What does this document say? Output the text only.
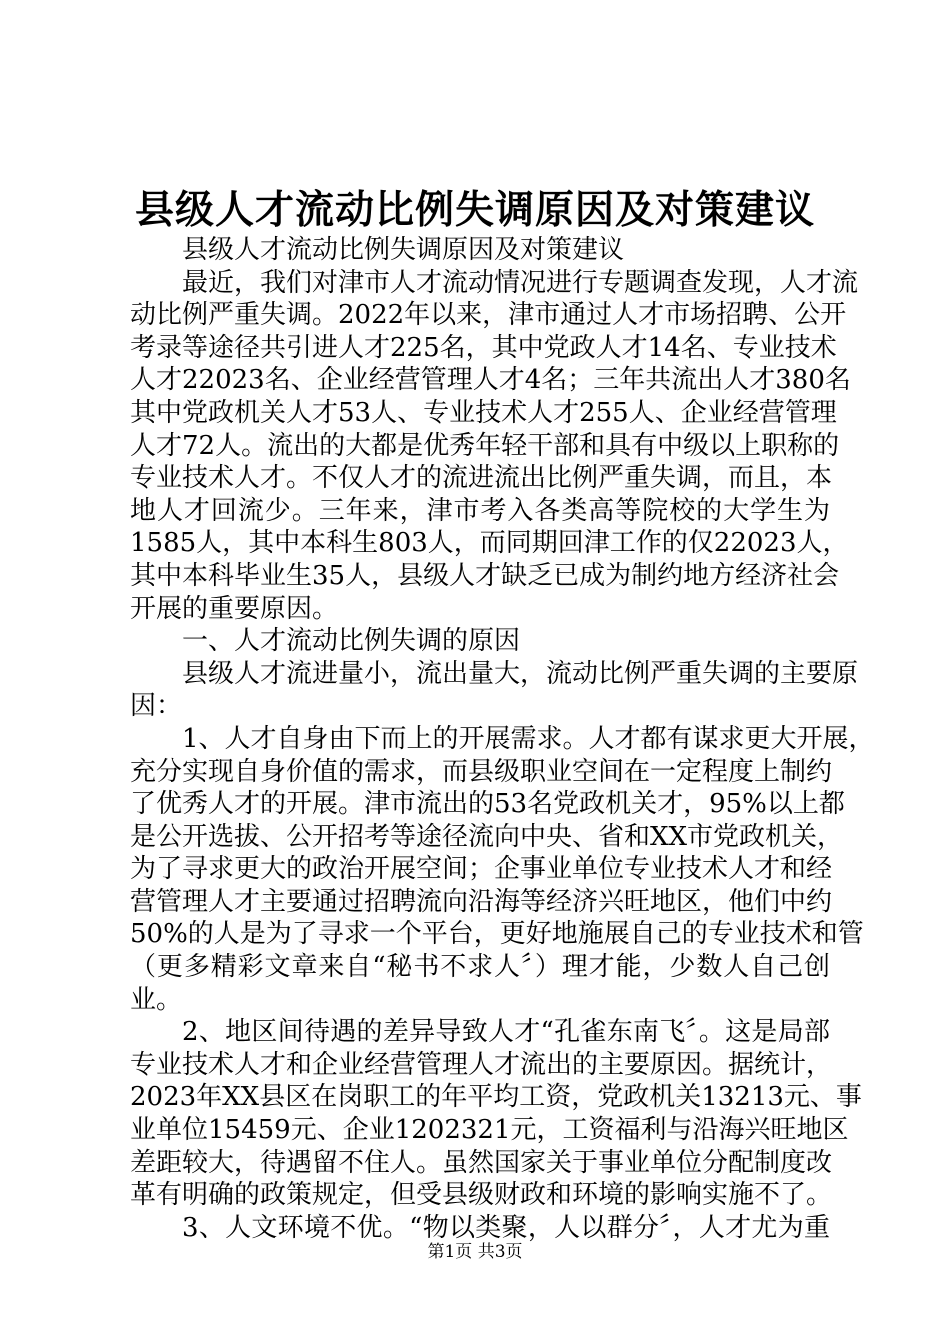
县级人才流动比例失调原因及对策建议
县级人才流动比例失调原因及对策建议
最近，我们对津市人才流动情况进行专题调查发现，人才流
动比例严重失调。2022年以来，津市通过人才市场招聘、公开
考录等途径共引进人才225名，其中党政人才14名、专业技术
人才22023名、企业经营管理人才4名；三年共流出人才380名
其中党政机关人才53人、专业技术人才255人、企业经营管理
人才72人。流出的大都是优秀年轻干部和具有中级以上职称的
专业技术人才。不仅人才的流进流出比例严重失调，而且，本
地人才回流少。三年来，津市考入各类高等院校的大学生为
1585人，其中本科生803人，而同期回津工作的仅22023人，
其中本科毕业生35人，县级人才缺乏已成为制约地方经济社会
开展的重要原因。
一、人才流动比例失调的原因
县级人才流进量小，流出量大，流动比例严重失调的主要原
因：
1、人才自身由下而上的开展需求。人才都有谋求更大开展，
充分实现自身价值的需求，而县级职业空间在一定程度上制约
了优秀人才的开展。津市流出的53名党政机关才，95%以上都
是公开选拔、公开招考等途径流向中央、省和XX市党政机关，
为了寻求更大的政治开展空间；企事业单位专业技术人才和经
营管理人才主要通过招聘流向沿海等经济兴旺地区，他们中约
50%的人是为了寻求一个平台，更好地施展自己的专业技术和管
（更多精彩文章来自“秘书不求人〞）理才能，少数人自己创
业。
2、地区间待遇的差异导致人才“孔雀东南飞〞。这是局部
专业技术人才和企业经营管理人才流出的主要原因。据统计，
2023年XX县区在岗职工的年平均工资，党政机关13213元、事
业单位15459元、企业1202321元，工资福利与沿海兴旺地区
差距较大，待遇留不住人。虽然国家关于事业单位分配制度改
革有明确的政策规定，但受县级财政和环境的影响实施不了。
3、人文环境不优。“物以类聚，人以群分〞，人才尤为重

第1页 共3页
